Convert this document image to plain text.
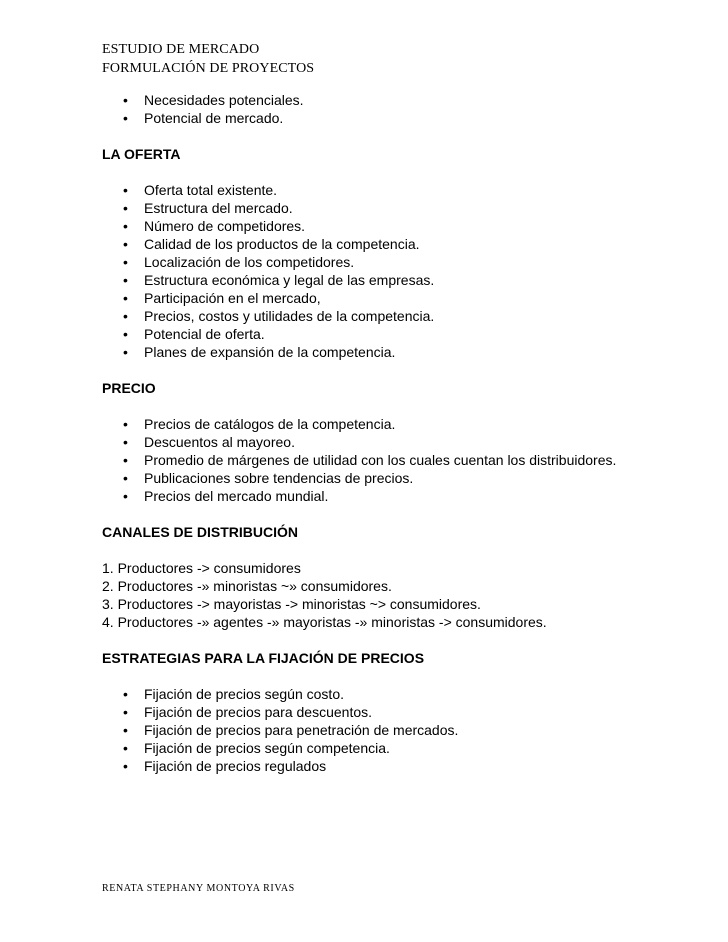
ESTUDIO DE MERCADO
FORMULACIÓN DE PROYECTOS
• Necesidades potenciales.
• Potencial de mercado.
LA OFERTA
• Oferta total existente.
• Estructura del mercado.
• Número de competidores.
• Calidad de los productos de la competencia.
• Localización de los competidores.
• Estructura económica y legal de las empresas.
• Participación en el mercado,
• Precios, costos y utilidades de la competencia.
• Potencial de oferta.
• Planes de expansión de la competencia.
PRECIO
• Precios de catálogos de la competencia.
• Descuentos al mayoreo.
• Promedio de márgenes de utilidad con los cuales cuentan los distribuidores.
• Publicaciones sobre tendencias de precios.
• Precios del mercado mundial.
CANALES DE DISTRIBUCIÓN
1. Productores -> consumidores
2. Productores -» minoristas ~» consumidores.
3. Productores -> mayoristas -> minoristas ~> consumidores.
4. Productores -» agentes -» mayoristas -» minoristas -> consumidores.
ESTRATEGIAS PARA LA FIJACIÓN DE PRECIOS
• Fijación de precios según costo.
• Fijación de precios para descuentos.
• Fijación de precios para penetración de mercados.
• Fijación de precios según competencia.
• Fijación de precios regulados
RENATA STEPHANY MONTOYA RIVAS
